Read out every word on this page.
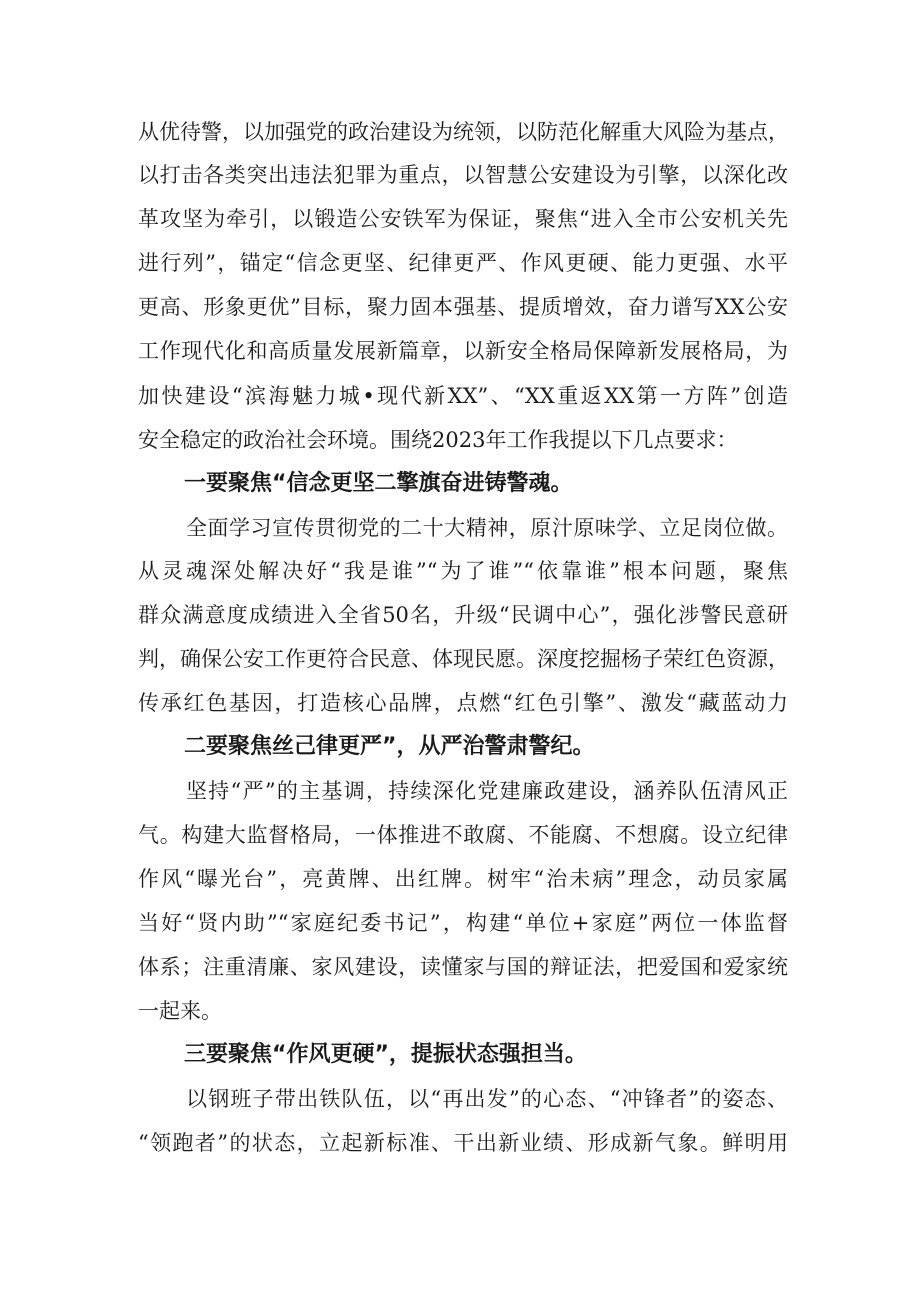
从优待警，以加强党的政治建设为统领，以防范化解重大风险为基点，
以打击各类突出违法犯罪为重点，以智慧公安建设为引擎，以深化改
革攻坚为牵引，以锻造公安铁军为保证，聚焦“进入全市公安机关先
进行列”，锚定“信念更坚、纪律更严、作风更硬、能力更强、水平
更高、形象更优”目标，聚力固本强基、提质增效，奋力谱写XX公安
工作现代化和高质量发展新篇章，以新安全格局保障新发展格局，为
加快建设“滨海魅力城•现代新XX”、“XX重返XX第一方阵”创造
安全稳定的政治社会环境。围绕2023年工作我提以下几点要求：
一要聚焦“信念更坚二擎旗奋进铸警魂。
全面学习宣传贯彻党的二十大精神，原汁原味学、立足岗位做。
从灵魂深处解决好“我是谁”“为了谁”“依靠谁”根本问题，聚焦
群众满意度成绩进入全省50名，升级“民调中心”，强化涉警民意研
判，确保公安工作更符合民意、体现民愿。深度挖掘杨子荣红色资源，
传承红色基因，打造核心品牌，点燃“红色引擎”、激发“藏蓝动力
二要聚焦丝己律更严”，从严治警肃警纪。
坚持“严”的主基调，持续深化党建廉政建设，涵养队伍清风正
气。构建大监督格局，一体推进不敢腐、不能腐、不想腐。设立纪律
作风“曝光台”，亮黄牌、出红牌。树牢“治未病”理念，动员家属
当好“贤内助”“家庭纪委书记”，构建“单位+家庭”两位一体监督
体系；注重清廉、家风建设，读懂家与国的辩证法，把爱国和爱家统
一起来。
三要聚焦“作风更硬”，提振状态强担当。
以钢班子带出铁队伍，以“再出发”的心态、“冲锋者”的姿态、
“领跑者”的状态，立起新标准、干出新业绩、形成新气象。鲜明用
